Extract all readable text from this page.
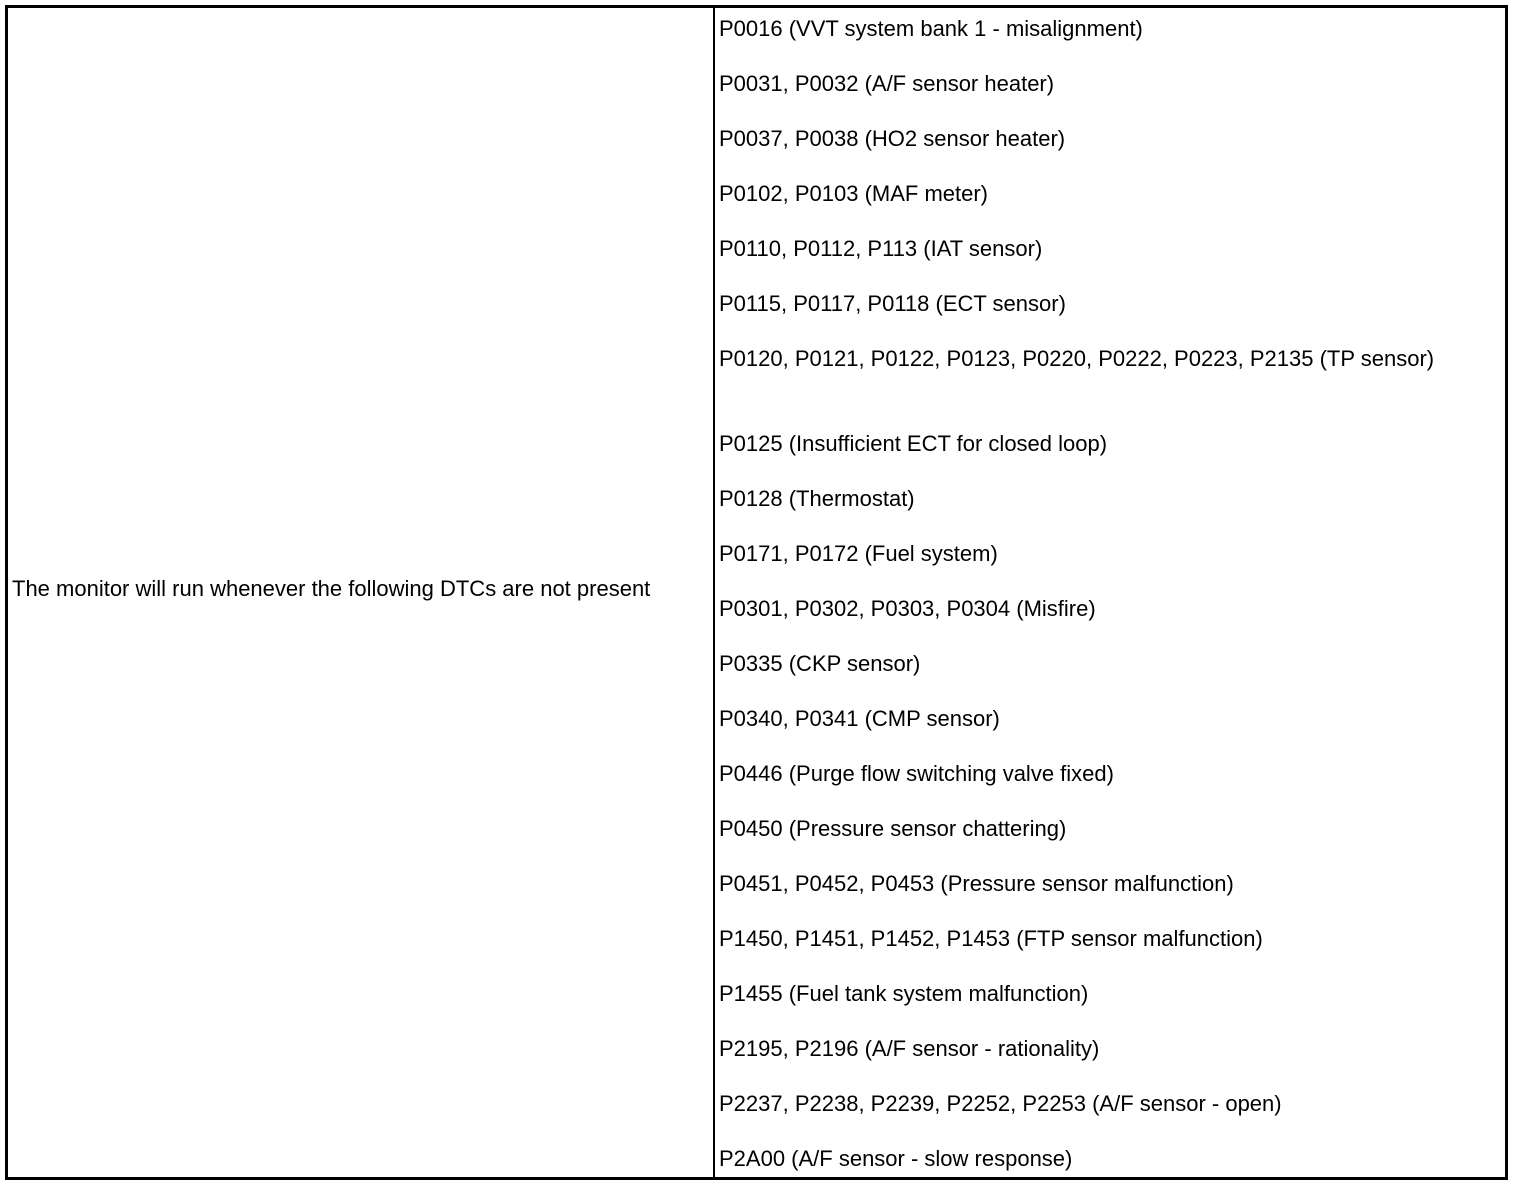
The monitor will run whenever the following DTCs are not present
P0016 (VVT system bank 1 - misalignment)
P0031, P0032 (A/F sensor heater)
P0037, P0038 (HO2 sensor heater)
P0102, P0103 (MAF meter)
P0110, P0112, P113 (IAT sensor)
P0115, P0117, P0118 (ECT sensor)
P0120, P0121, P0122, P0123, P0220, P0222, P0223, P2135 (TP sensor)
P0125 (Insufficient ECT for closed loop)
P0128 (Thermostat)
P0171, P0172 (Fuel system)
P0301, P0302, P0303, P0304 (Misfire)
P0335 (CKP sensor)
P0340, P0341 (CMP sensor)
P0446 (Purge flow switching valve fixed)
P0450 (Pressure sensor chattering)
P0451, P0452, P0453 (Pressure sensor malfunction)
P1450, P1451, P1452, P1453 (FTP sensor malfunction)
P1455 (Fuel tank system malfunction)
P2195, P2196 (A/F sensor - rationality)
P2237, P2238, P2239, P2252, P2253 (A/F sensor - open)
P2A00 (A/F sensor - slow response)
